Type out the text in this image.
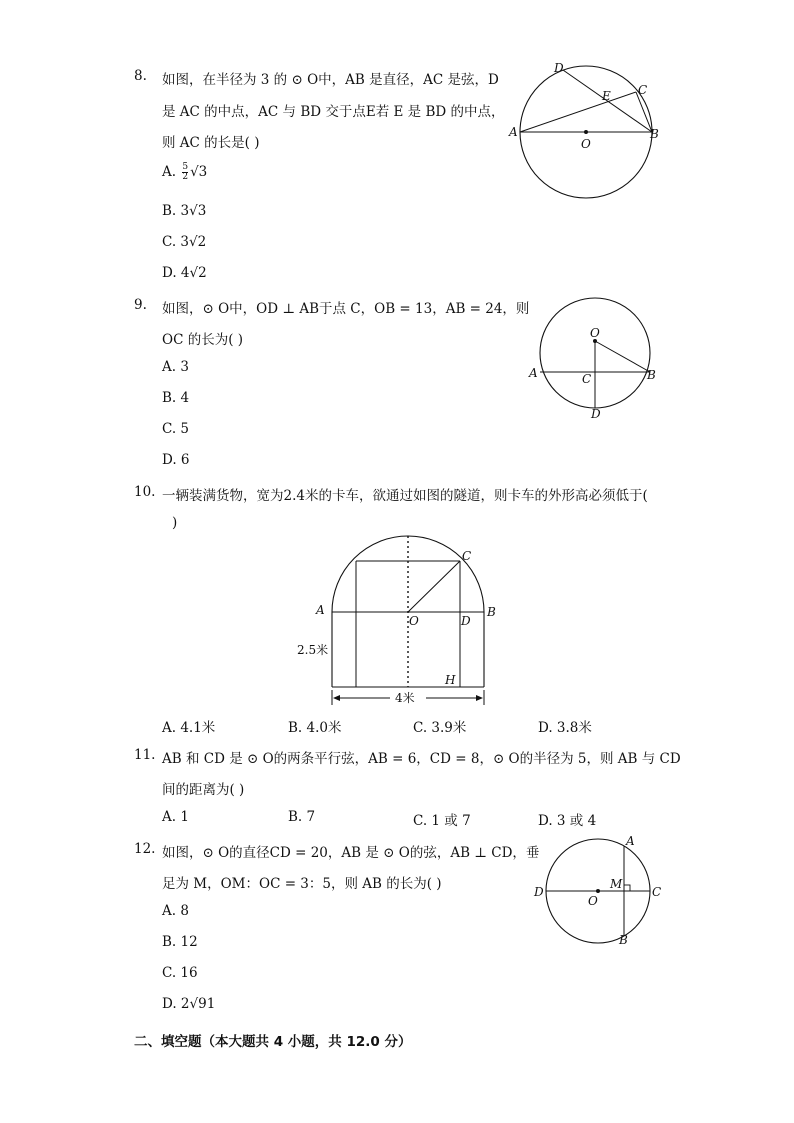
8. 如图，在半径为 3 的 ⊙ O中，AB 是直径，AC 是弦，D
是 AC 的中点，AC 与 BD 交于点E若 E 是 BD 的中点，
则 AC 的长是( )
A. $\frac{5}{2} √3$
B. 3√3
C. 3√2
D. 4√2
A	B
C
D
E
O
9. 如图，⊙ O中，OD ⊥ AB于点 C，OB = 13，AB = 24，则
OC 的长为( )
A. 3
B. 4
C. 5
D. 6
O
A	C	B
D
10. 一辆装满货物，宽为2.4米的卡车，欲通过如图的隧道，则卡车的外形高必须低于(
)
C
A
O	D
B
H
2.5米
4米
A. 4.1米	B. 4.0米	C. 3.9米	D. 3.8米
11. AB 和 CD 是 ⊙ O的两条平行弦，AB = 6，CD = 8，⊙ O的半径为 5，则 AB 与 CD
间的距离为( )
A. 1	B. 7	C. 1 或 7	D. 3 或 4
12. 如图，⊙ O的直径CD = 20，AB 是 ⊙ O的弦，AB ⊥ CD，垂
足为 M，OM：OC = 3：5，则 AB 的长为( )
A. 8
B. 12
C. 16
D. 2√91
A
D
M
C
O
B
二、填空题（本大题共 4 小题，共 12.0 分）
